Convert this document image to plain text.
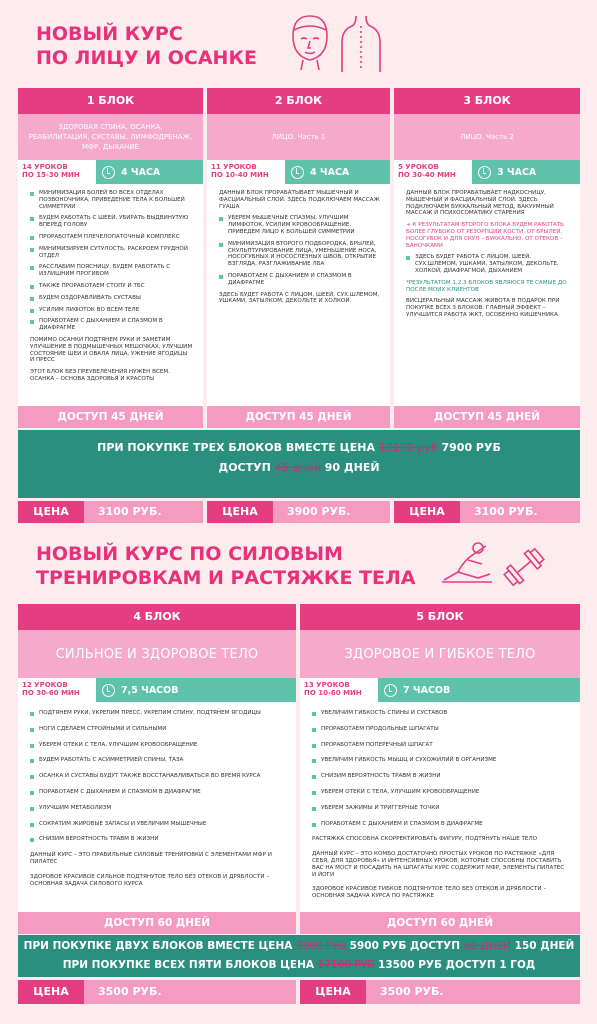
НОВЫЙ КУРС
ПО ЛИЦУ И ОСАНКЕ
1 БЛОК
ЗДОРОВАЯ СПИНА, ОСАНКА, РЕАБИЛИТАЦИЯ, СУСТАВЫ, ЛИМФОДРЕНАЖ, МФР, ДЫХАНИЕ
14 УРОКОВ
ПО 15-30 МИН	4 ЧАСА
МИНИМИЗАЦИЯ БОЛЕЙ ВО ВСЕХ ОТДЕЛАХ ПОЗВОНОЧНИКА, ПРИВЕДЕНИЕ ТЕЛА К БОЛЬШЕЙ СИММЕТРИИ
БУДЕМ РАБОТАТЬ С ШЕЕЙ, УБИРАТЬ ВЫДВИНУТУЮ ВПЕРЕД ГОЛОВУ
ПРОРАБОТАЕМ ПЛЕЧЕЛОПАТОЧНЫЙ КОМПЛЕКС
МИНИМИЗИРУЕМ СУТУЛОСТЬ, РАСКРОЕМ ГРУДНОЙ ОТДЕЛ
РАССЛАБИМ ПОЯСНИЦУ, БУДЕМ РАБОТАТЬ С ИЗЛИШНИМ ПРОГИБОМ
ТАКЖЕ ПРОРАБОТАЕМ СТОПУ И ТБС
БУДЕМ ОЗДОРАВЛИВАТЬ СУСТАВЫ
УСИЛИМ ЛИФОТОК ВО ВСЕМ ТЕЛЕ
ПОРАБОТАЕМ С ДЫХАНИЕМ И СПАЗМОМ В ДИАФРАГМЕ
ПОМИМО ОСАНКИ ПОДТЯНЕМ РУКИ И ЗАМЕТИМ УЛУЧШЕНИЕ В ПОДМЫШЕЧНЫХ МЕШОЧКАХ, УЛУЧШИМ СОСТОЯНИЕ ШЕИ И ОВАЛА ЛИЦА, УЖЕНИЕ ЯГОДИЦЫ И ПРЕСС
ЭТОТ БЛОК БЕЗ ПРЕУВЕЛЕЧЕНИЯ НУЖЕН ВСЕМ. ОСАНКА – ОСНОВА ЗДОРОВЬЯ И КРАСОТЫ
2 БЛОК
ЛИЦО. Часть 1
11 УРОКОВ
ПО 10-40 МИН	4 ЧАСА
ДАННЫЙ БЛОК ПРОРАБАТЫВАЕТ МЫШЕЧНЫЙ И ФАСЦИАЛЬНЫЙ СЛОЙ. ЗДЕСЬ ПОДКЛЮЧАЕМ МАССАЖ ГУАША
УБЕРЕМ МЫШЕЧНЫЕ СПАЗМЫ, УЛУЧШИМ ЛИМФОТОК, УСИЛИМ КРОВООБРАЩЕНИЕ, ПРИВЕДЕМ ЛИЦО К БОЛЬШЕЙ СИММЕТРИИ
МИНИМИЗАЦИЯ ВТОРОГО ПОДБОРОДКА, БРЫЛЕЙ, СКУЛЬПТУРИРОВАНИЕ ЛИЦА, УМЕНЬШЕНИЕ НОСА, НОСОГУБНЫХ И НОСОСЛЕЗНЫХ ШВОВ, ОТКРЫТИЕ ВЗГЛЯДА, РАЗГЛАЖИВАНИЕ ЛБА
ПОРАБОТАЕМ С ДЫХАНИЕМ И СПАЗМОМ В ДИАФРАГМЕ
ЗДЕСЬ БУДЕТ РАБОТА С ЛИЦОМ, ШЕЕЙ, СУХ.ШЛЕМОМ, УШКАМИ, ЗАТЫЛКОМ, ДЕКОЛЬТЕ И ХОЛКОЙ.
3 БЛОК
ЛИЦО. Часть 2
5 УРОКОВ
ПО 30-40 МИН	3 ЧАСА
ДАННЫЙ БЛОК ПРОРАБАТЫВАЕТ НАДКОСНИЦУ, МЫШЕЧНЫЙ И ФАСЦИАЛЬНЫЙ СЛОЙ. ЗДЕСЬ ПОДКЛЮЧАЕМ БУККАЛЬНЫЙ МЕТОД, ВАКУУМНЫЙ МАССАЖ И ПСИХОСОМАТИКУ СТАРЕНИЯ
+ К РЕЗУЛЬТАТАМ ВТОРОГО БЛОКА БУДЕМ РАБОТАТЬ БОЛЕЕ ГЛУБОКО ОТ РЕЗОРПЦИИ КОСТИ. ОТ БРЫЛЕЙ, НОСОГУБОК И ДЛЯ СКУЛ – БУККАЛЬНО. ОТ ОТЕКОВ – БАНОЧКАМИ
ЗДЕСЬ БУДЕТ РАБОТА С ЛИЦОМ, ШЕЕЙ, СУХ.ШЛЕМОМ, УШКАМИ, ЗАТЫЛКОМ, ДЕКОЛЬТЕ, ХОЛКОЙ, ДИАФРАГМОЙ, ДЫХАНИЕМ
*РЕЗУЛЬТАТОМ 1,2,3 БЛОКОВ ЯВЛЯЮСЯ ТЕ САМЫЕ ДО ПОСЛЕ МОИХ КЛИЕНТОВ
ВИСЦЕРАЛЬНЫЙ МАССАЖ ЖИВОТА В ПОДАРОК ПРИ ПОКУПКЕ ВСЕХ 3 БЛОКОВ. ГЛАВНЫЙ ЭФФЕКТ – УЛУЧШИТСЯ РАБОТА ЖКТ, ОСОБЕННО КИШЕЧНИКА
ДОСТУП 45 ДНЕЙ	ДОСТУП 45 ДНЕЙ	ДОСТУП 45 ДНЕЙ
ПРИ ПОКУПКЕ ТРЕХ БЛОКОВ ВМЕСТЕ ЦЕНА 10100 руб 7900 РУБ
ДОСТУП 45 дней 90 ДНЕЙ
ЦЕНА	3100 РУБ.	ЦЕНА	3900 РУБ.	ЦЕНА	3100 РУБ.
НОВЫЙ КУРС ПО СИЛОВЫМ
ТРЕНИРОВКАМ И РАСТЯЖКЕ ТЕЛА
4 БЛОК
СИЛЬНОЕ И ЗДОРОВОЕ ТЕЛО
12 УРОКОВ
ПО 30-60 МИН	7,5 ЧАСОВ
ПОДТЯНЕМ РУКИ, УКРЕПИМ ПРЕСС, УКРЕПИМ СПИНУ, ПОДТЯНЕМ ЯГОДИЦЫ
НОГИ СДЕЛАЕМ СТРОЙНЫМИ И СИЛЬНЫМИ
УБЕРЕМ ОТЕКИ С ТЕЛА, УЛУЧШИМ КРОВООБРАЩЕНИЕ
БУДЕМ РАБОТАТЬ С АСИММЕТРИЕЙ СПИНЫ, ТАЗА
ОСАНКА И СУСТАВЫ БУДУТ ТАКЖЕ ВОССТАНАВЛИВАТЬСЯ ВО ВРЕМЯ КУРСА
ПОРАБОТАЕМ С ДЫХАНИЕМ И СПАЗМОМ В ДИАФРАГМЕ
УЛУЧШИМ МЕТАБОЛИЗМ
СОКРАТИМ ЖИРОВЫЕ ЗАПАСЫ И УВЕЛИЧИМ МЫШЕЧНЫЕ
СНИЗИМ ВЕРОЯТНОСТЬ ТРАВМ В ЖИЗНИ
ДАННЫЙ КУРС – ЭТО ПРАВИЛЬНЫЕ СИЛОВЫЕ ТРЕНИРОВКИ С ЭЛЕМЕНТАМИ МФР И ПИЛАТЕС
ЗДОРОВОЕ КРАСИВОЕ СИЛЬНОЕ ПОДТЯНУТОЕ ТЕЛО БЕЗ ОТЕКОВ И ДРЯБЛОСТИ – ОСНОВНАЯ ЗАДАЧА СИЛОВОГО КУРСА
5 БЛОК
ЗДОРОВОЕ И ГИБКОЕ ТЕЛО
13 УРОКОВ
ПО 10-60 МИН	7 ЧАСОВ
УВЕЛИЧИМ ГИБКОСТЬ СПИНЫ И СУСТАВОВ
ПРОРАБОТАЕМ ПРОДОЛЬНЫЕ ШПАГАТЫ
ПРОРАБОТАЕМ ПОПЕРЕЧНЫЙ ШПАГАТ
УВЕЛИЧИМ ГИБКОСТЬ МЫШЦ И СУХОЖИЛИЙ В ОРГАНИЗМЕ
СНИЗИМ ВЕРОЯТНОСТЬ ТРАВМ В ЖИЗНИ
УБЕРЕМ ОТЕКИ С ТЕЛА, УЛУЧШИМ КРОВООБРАЩЕНИЕ
УБЕРЕМ ЗАЖИМЫ И ТРИГГЕРНЫЕ ТОЧКИ
ПОРАБОТАЕМ С ДЫХАНИЕМ И СПАЗМОМ В ДИАФРАГМЕ
РАСТЯЖКА СПОСОБНА СКОРРЕКТИРОВАТЬ ФИГУРУ, ПОДТЯНУТЬ НАШЕ ТЕЛО
ДАННЫЙ КУРС – ЭТО КОМБО ДОСТАТОЧНО ПРОСТЫХ УРОКОВ ПО РАСТЯЖКЕ «ДЛЯ СЕБЯ, ДЛЯ ЗДОРОВЬЯ» И ИНТЕНСИВНЫХ УРОКОВ, КОТОРЫЕ СПОСОБНЫ ПОСТАВИТЬ ВАС НА МОСТ И ПОСАДИТЬ НА ШПАГАТЫ КУРС СОДЕРЖИТ МФР, ЭЛЕМЕНТЫ ПИЛАТЕС И ЙОГИ
ЗДОРОВОЕ КРАСИВОЕ ГИБКОЕ ПОДТЯНУТОЕ ТЕЛО БЕЗ ОТЕКОВ И ДРЯБЛОСТИ – ОСНОВНАЯ ЗАДАЧА КУРСА ПО РАСТЯЖКЕ
ДОСТУП 60 ДНЕЙ	ДОСТУП 60 ДНЕЙ
ПРИ ПОКУПКЕ ДВУХ БЛОКОВ ВМЕСТЕ ЦЕНА 7000 РУБ 5900 РУБ ДОСТУП 60 ДНЕЙ 150 ДНЕЙ
ПРИ ПОКУПКЕ ВСЕХ ПЯТИ БЛОКОВ ЦЕНА 17100 РУБ 13500 РУБ ДОСТУП 1 ГОД
ЦЕНА	3500 РУБ.	ЦЕНА	3500 РУБ.
